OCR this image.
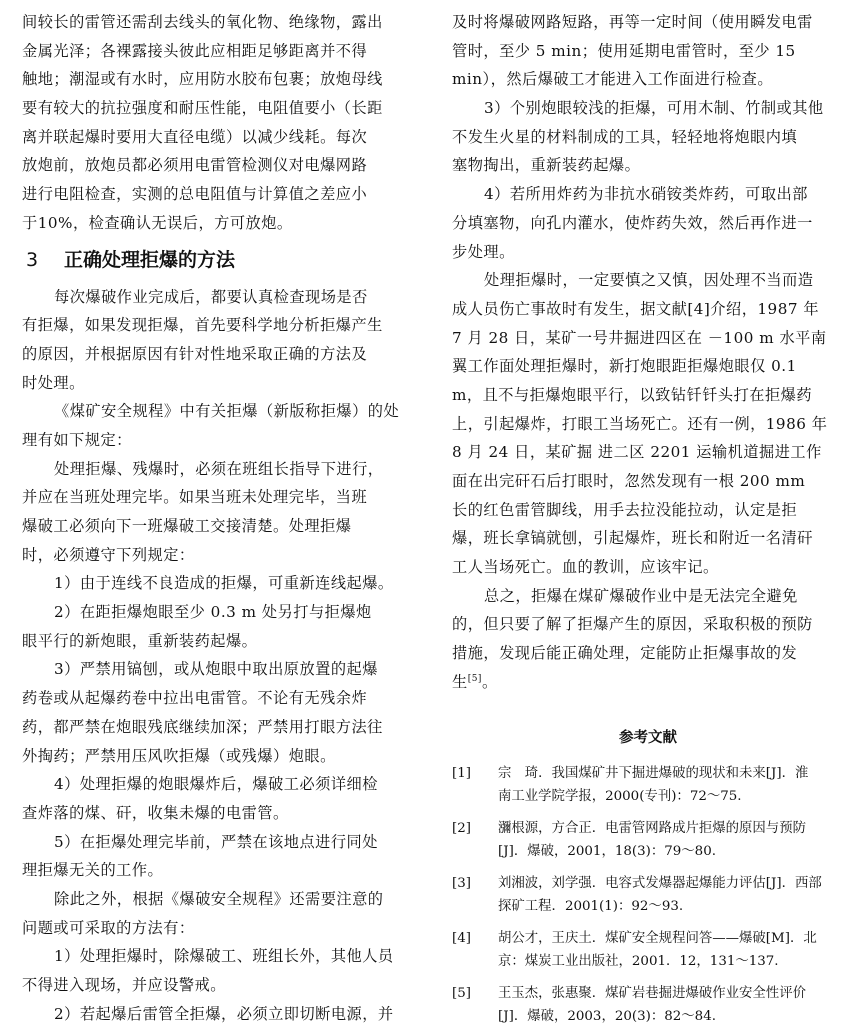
间较长的雷管还需刮去线头的氧化物、绝缘物，露出
金属光泽；各裸露接头彼此应相距足够距离并不得
触地；潮湿或有水时，应用防水胶布包裹；放炮母线
要有较大的抗拉强度和耐压性能，电阻值要小（长距
离并联起爆时要用大直径电缆）以减少线耗。每次
放炮前，放炮员都必须用电雷管检测仪对电爆网路
进行电阻检查，实测的总电阻值与计算值之差应小
于10%，检查确认无误后，方可放炮。
3 正确处理拒爆的方法
每次爆破作业完成后，都要认真检查现场是否
有拒爆，如果发现拒爆，首先要科学地分析拒爆产生
的原因，并根据原因有针对性地采取正确的方法及
时处理。
《煤矿安全规程》中有关拒爆（新版称拒爆）的处
理有如下规定：
处理拒爆、残爆时，必须在班组长指导下进行，
并应在当班处理完毕。如果当班未处理完毕，当班
爆破工必须向下一班爆破工交接清楚。处理拒爆
时，必须遵守下列规定：
1）由于连线不良造成的拒爆，可重新连线起爆。
2）在距拒爆炮眼至少 0.3 m 处另打与拒爆炮
眼平行的新炮眼，重新装药起爆。
3）严禁用镐刨，或从炮眼中取出原放置的起爆
药卷或从起爆药卷中拉出电雷管。不论有无残余炸
药，都严禁在炮眼残底继续加深；严禁用打眼方法往
外掏药；严禁用压风吹拒爆（或残爆）炮眼。
4）处理拒爆的炮眼爆炸后，爆破工必须详细检
查炸落的煤、矸，收集未爆的电雷管。
5）在拒爆处理完毕前，严禁在该地点进行同处
理拒爆无关的工作。
除此之外，根据《爆破安全规程》还需要注意的
问题或可采取的方法有：
1）处理拒爆时，除爆破工、班组长外，其他人员
不得进入现场，并应设警戒。
2）若起爆后雷管全拒爆，必须立即切断电源，并
及时将爆破网路短路，再等一定时间（使用瞬发电雷
管时，至少 5 min；使用延期电雷管时，至少 15
min），然后爆破工才能进入工作面进行检查。
3）个别炮眼较浅的拒爆，可用木制、竹制或其他
不发生火星的材料制成的工具，轻轻地将炮眼内填
塞物掏出，重新装药起爆。
4）若所用炸药为非抗水硝铵类炸药，可取出部
分填塞物，向孔内灌水，使炸药失效，然后再作进一
步处理。
处理拒爆时，一定要慎之又慎，因处理不当而造
成人员伤亡事故时有发生，据文献[4]介绍，1987 年
7 月 28 日，某矿一号井掘进四区在 －100 m 水平南
翼工作面处理拒爆时，新打炮眼距拒爆炮眼仅 0.1
m，且不与拒爆炮眼平行，以致钻钎钎头打在拒爆药
上，引起爆炸，打眼工当场死亡。还有一例，1986 年
8 月 24 日，某矿掘 进二区 2201 运输机道掘进工作
面在出完矸石后打眼时，忽然发现有一根 200 mm
长的红色雷管脚线，用手去拉没能拉动，认定是拒
爆，班长拿镐就刨，引起爆炸，班长和附近一名清矸
工人当场死亡。血的教训，应该牢记。
总之，拒爆在煤矿爆破作业中是无法完全避免
的，但只要了解了拒爆产生的原因，采取积极的预防
措施，发现后能正确处理，定能防止拒爆事故的发
生[5]。
参考文献
[1] 宗　琦．我国煤矿井下掘进爆破的现状和未来[J]．淮
南工业学院学报，2000(专刊)：72～75.
[2] 瀰根源，方合正．电雷管网路成片拒爆的原因与预防
[J]．爆破，2001，18(3)：79～80.
[3] 刘湘波，刘学强．电容式发爆器起爆能力评估[J]．西部
探矿工程．2001(1)：92～93.
[4] 胡公才，王庆土．煤矿安全规程问答——爆破[M]．北
京：煤炭工业出版社，2001．12，131～137.
[5] 王玉杰，张惠聚．煤矿岩巷掘进爆破作业安全性评价
[J]．爆破，2003，20(3)：82～84.
